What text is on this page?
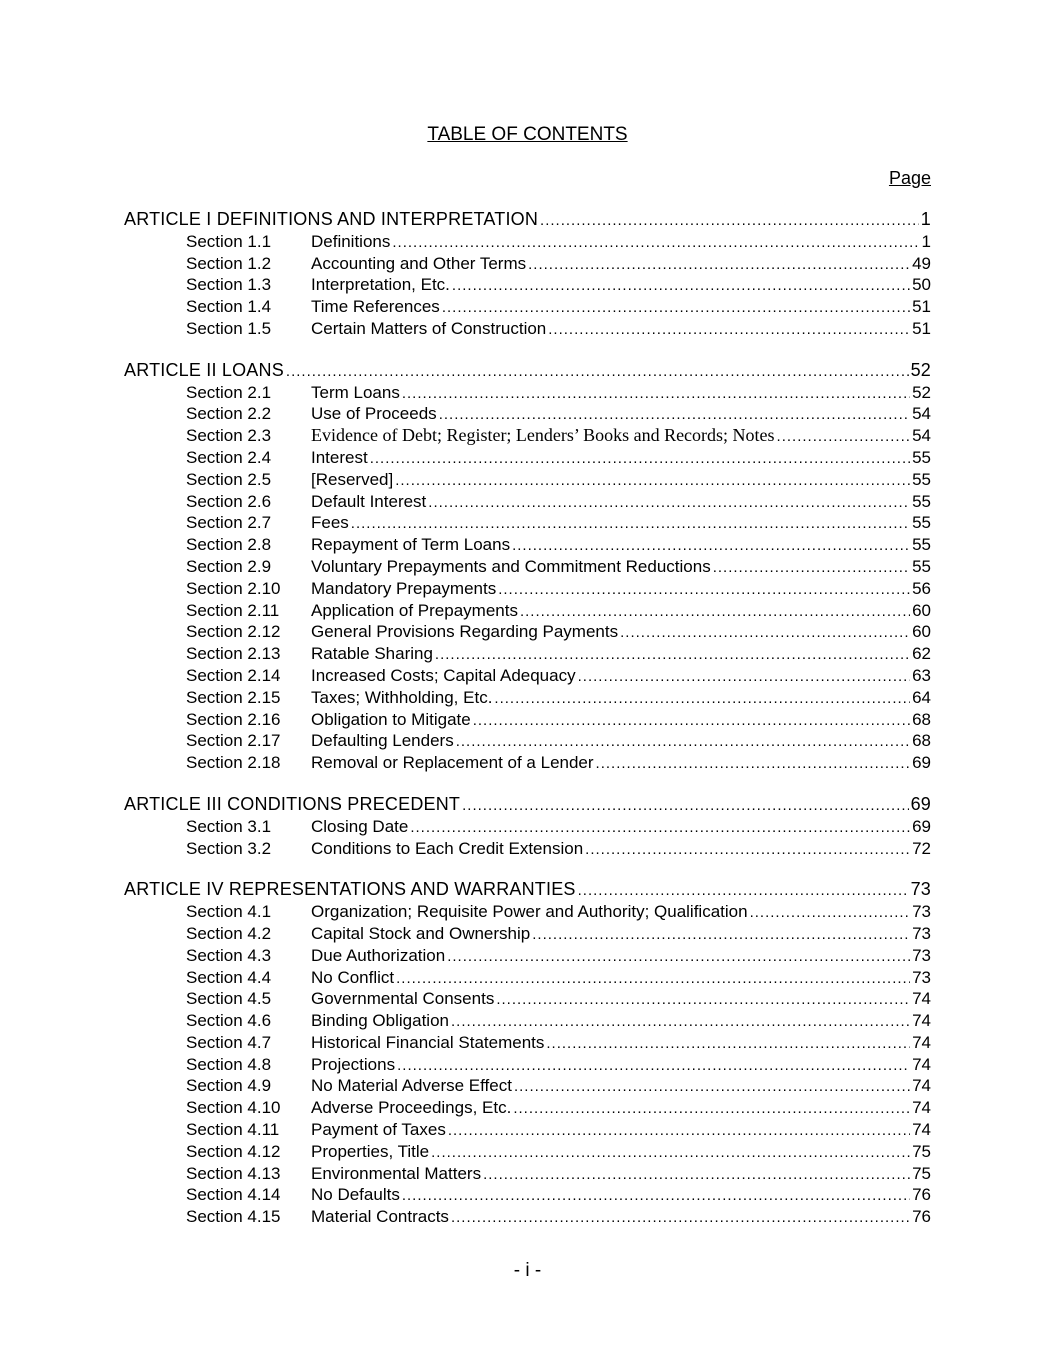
TABLE OF CONTENTS
Page
ARTICLE I DEFINITIONS AND INTERPRETATION .....	1
Section 1.1	Definitions .....	1
Section 1.2	Accounting and Other Terms .....	49
Section 1.3	Interpretation, Etc. .....	50
Section 1.4	Time References .....	51
Section 1.5	Certain Matters of Construction .....	51
ARTICLE II LOANS .....	52
Section 2.1	Term Loans .....	52
Section 2.2	Use of Proceeds .....	54
Section 2.3	Evidence of Debt; Register; Lenders’ Books and Records; Notes .....	54
Section 2.4	Interest .....	55
Section 2.5	[Reserved] .....	55
Section 2.6	Default Interest .....	55
Section 2.7	Fees .....	55
Section 2.8	Repayment of Term Loans .....	55
Section 2.9	Voluntary Prepayments and Commitment Reductions .....	55
Section 2.10	Mandatory Prepayments .....	56
Section 2.11	Application of Prepayments .....	60
Section 2.12	General Provisions Regarding Payments .....	60
Section 2.13	Ratable Sharing .....	62
Section 2.14	Increased Costs; Capital Adequacy .....	63
Section 2.15	Taxes; Withholding, Etc. .....	64
Section 2.16	Obligation to Mitigate .....	68
Section 2.17	Defaulting Lenders .....	68
Section 2.18	Removal or Replacement of a Lender .....	69
ARTICLE III CONDITIONS PRECEDENT .....	69
Section 3.1	Closing Date .....	69
Section 3.2	Conditions to Each Credit Extension .....	72
ARTICLE IV REPRESENTATIONS AND WARRANTIES .....	73
Section 4.1	Organization; Requisite Power and Authority; Qualification .....	73
Section 4.2	Capital Stock and Ownership .....	73
Section 4.3	Due Authorization .....	73
Section 4.4	No Conflict .....	73
Section 4.5	Governmental Consents .....	74
Section 4.6	Binding Obligation .....	74
Section 4.7	Historical Financial Statements .....	74
Section 4.8	Projections .....	74
Section 4.9	No Material Adverse Effect .....	74
Section 4.10	Adverse Proceedings, Etc. .....	74
Section 4.11	Payment of Taxes .....	74
Section 4.12	Properties, Title .....	75
Section 4.13	Environmental Matters .....	75
Section 4.14	No Defaults .....	76
Section 4.15	Material Contracts .....	76
- i -
